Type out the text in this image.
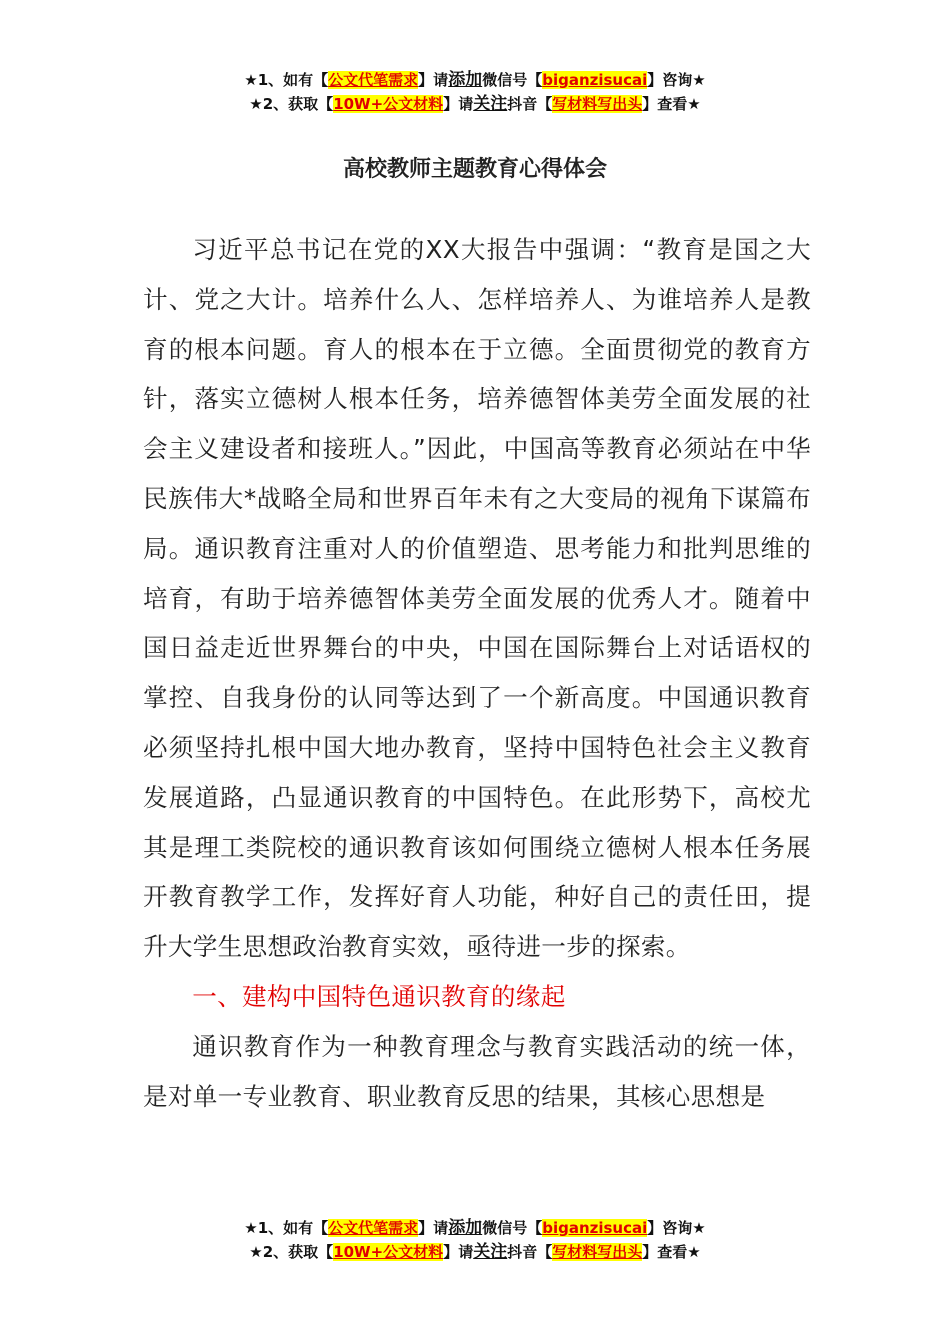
★1、如有【公文代笔需求】请添加微信号【biganzisucai】咨询★
★2、获取【10W+公文材料】请关注抖音【写材料写出头】查看★
高校教师主题教育心得体会

习近平总书记在党的XX大报告中强调：“教育是国之大计、党之大计。培养什么人、怎样培养人、为谁培养人是教育的根本问题。育人的根本在于立德。全面贯彻党的教育方针，落实立德树人根本任务，培养德智体美劳全面发展的社会主义建设者和接班人。”因此，中国高等教育必须站在中华民族伟大*战略全局和世界百年未有之大变局的视角下谋篇布局。通识教育注重对人的价值塑造、思考能力和批判思维的培育，有助于培养德智体美劳全面发展的优秀人才。随着中国日益走近世界舞台的中央，中国在国际舞台上对话语权的掌控、自我身份的认同等达到了一个新高度。中国通识教育必须坚持扎根中国大地办教育，坚持中国特色社会主义教育发展道路，凸显通识教育的中国特色。在此形势下，高校尤其是理工类院校的通识教育该如何围绕立德树人根本任务展开教育教学工作，发挥好育人功能，种好自己的责任田，提升大学生思想政治教育实效，亟待进一步的探索。

一、建构中国特色通识教育的缘起

通识教育作为一种教育理念与教育实践活动的统一体，是对单一专业教育、职业教育反思的结果，其核心思想是

★1、如有【公文代笔需求】请添加微信号【biganzisucai】咨询★
★2、获取【10W+公文材料】请关注抖音【写材料写出头】查看★
